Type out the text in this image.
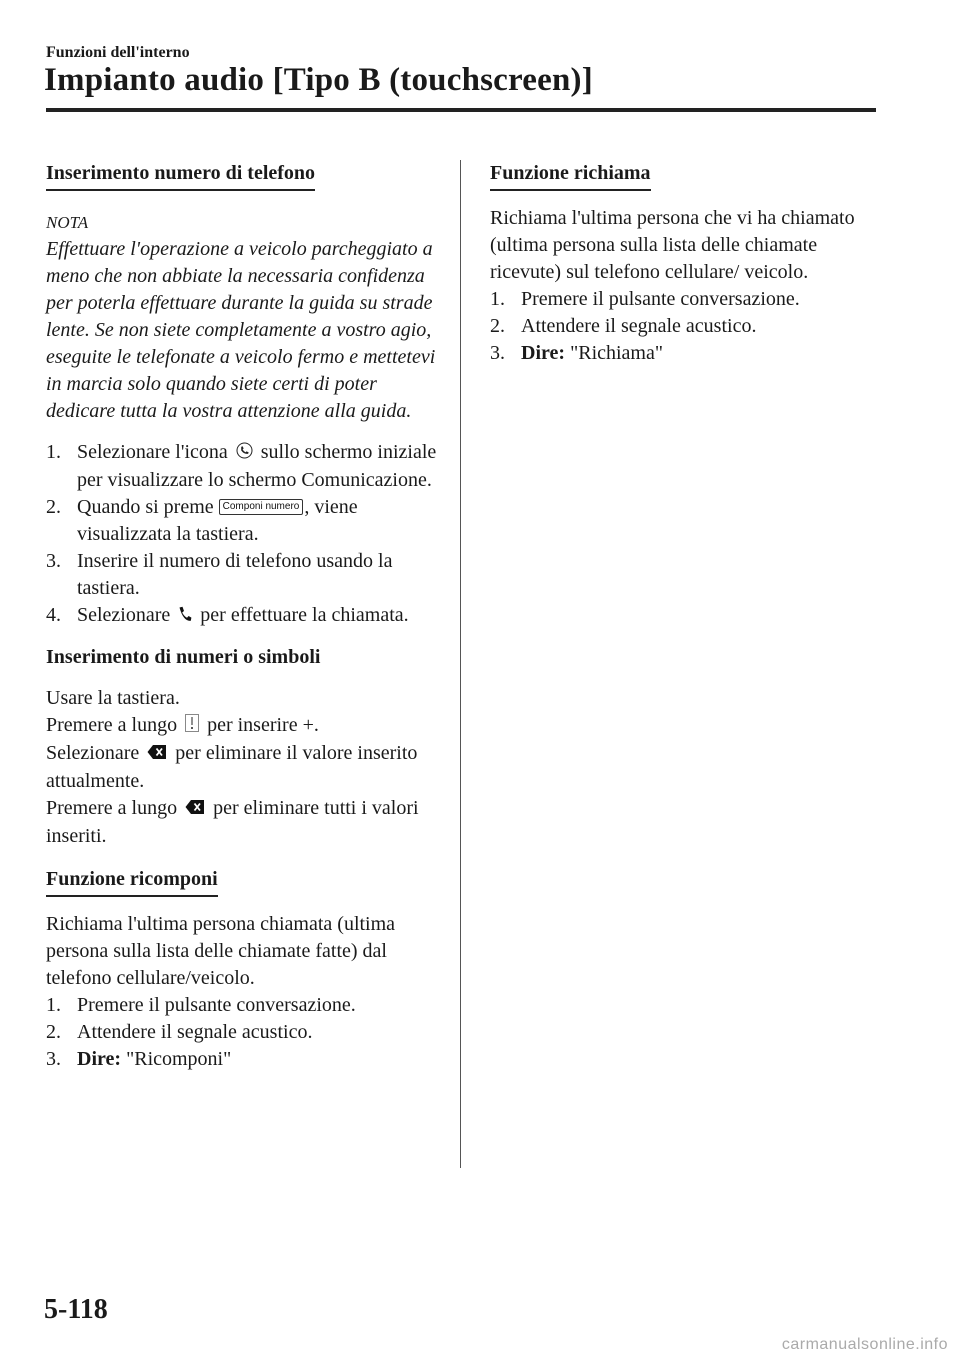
Funzioni dell'interno

Impianto audio [Tipo B (touchscreen)]
Inserimento numero di telefono

NOTA

Effettuare l'operazione a veicolo parcheggiato a meno che non abbiate la necessaria confidenza per poterla effettuare durante la guida su strade lente. Se non siete completamente a vostro agio, eseguite le telefonate a veicolo fermo e mettetevi in marcia solo quando siete certi di poter dedicare tutta la vostra attenzione alla guida.

1. Selezionare l'icona sullo schermo iniziale per visualizzare lo schermo Comunicazione.
2. Quando si preme Componi numero , viene visualizzata la tastiera.
3. Inserire il numero di telefono usando la tastiera.
4. Selezionare per effettuare la chiamata.

Inserimento di numeri o simboli

Usare la tastiera.

Premere a lungo per inserire +.

Selezionare per eliminare il valore inserito attualmente.

Premere a lungo per eliminare tutti i valori inseriti.

Funzione ricomponi

Richiama l'ultima persona chiamata (ultima persona sulla lista delle chiamate fatte) dal telefono cellulare/veicolo.

1. Premere il pulsante conversazione.
2. Attendere il segnale acustico.
3. Dire: "Ricomponi"
Funzione richiama

Richiama l'ultima persona che vi ha chiamato (ultima persona sulla lista delle chiamate ricevute) sul telefono cellulare/ veicolo.

1. Premere il pulsante conversazione.
2. Attendere il segnale acustico.
3. Dire: "Richiama"

5-118

carmanualsonline.info
